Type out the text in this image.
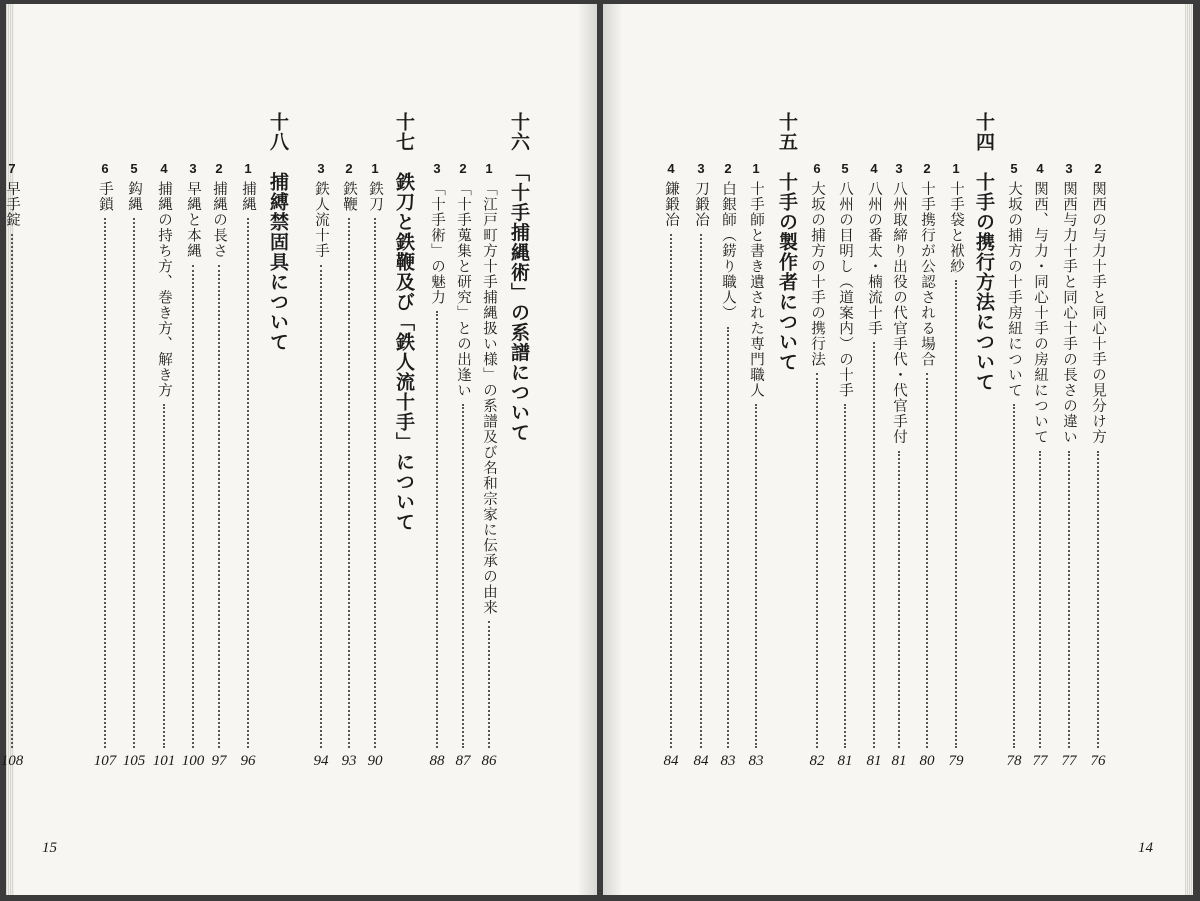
2
関西の与力十手と同心十手の見分け方
76
3
関西与力十手と同心十手の長さの違い
77
4
関西、与力・同心十手の房紐について
77
5
大坂の捕方の十手房紐について
78
十四　十手の携行方法について
1
十手袋と袱紗
79
2
十手携行が公認される場合
80
3
八州取締り出役の代官手代・代官手付
81
4
八州の番太・楠流十手
81
5
八州の目明し（道案内）の十手
81
6
大坂の捕方の十手の携行法
82
十五　十手の製作者について
1
十手師と書き遺された専門職人
83
2
白銀師（錺り職人）
83
3
刀鍛冶
84
4
鎌鍛冶
84
十六　「十手捕縄術」の系譜について
1
「江戸町方十手捕縄扱い様」の系譜及び名和宗家に伝承の由来
86
2
「十手蒐集と研究」との出逢い
87
3
「十手術」の魅力
88
十七　鉄刀と鉄鞭及び「鉄人流十手」について
1
鉄刀
90
2
鉄鞭
93
3
鉄人流十手
94
十八　捕縛禁固具について
1
捕縄
96
2
捕縄の長さ
97
3
早縄と本縄
100
4
捕縄の持ち方、巻き方、解き方
101
5
鈎縄
105
6
手鎖
107
7
早手錠
108
15	14
